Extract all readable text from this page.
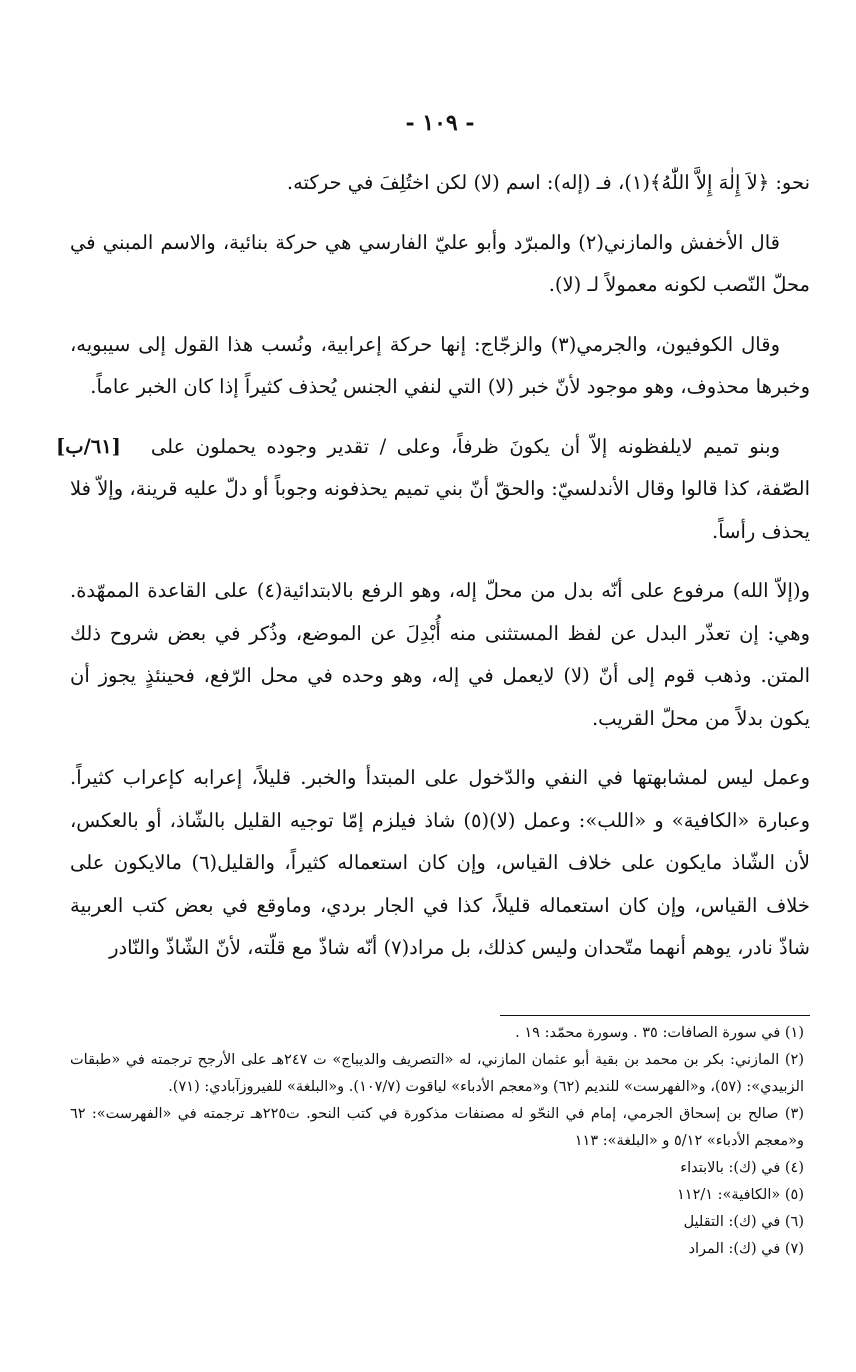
- ١٠٩ -

نحو: ﴿لاَ إِلٰهَ إِلاَّ اللّٰهُ﴾(١)، فـ (إله): اسم (لا) لكن اختُلِفَ في حركته.

قال الأخفش والمازني(٢) والمبرّد وأبو عليّ الفارسي هي حركة بنائية، والاسم المبني في محلّ النّصب لكونه معمولاً لـ (لا).

وقال الكوفيون، والجرمي(٣) والزجّاج: إنها حركة إعرابية، ونُسب هذا القول إلى سيبويه، وخبرها محذوف، وهو موجود لأنّ خبر (لا) التي لنفي الجنس يُحذف كثيراً إذا كان الخبر عاماً.

[٦١/ب]	وبنو تميم لايلفظونه إلاّ أن يكونَ ظرفاً، وعلى / تقدير وجوده يحملون على الصّفة، كذا قالوا وقال الأندلسيّ: والحقّ أنّ بني تميم يحذفونه وجوباً أو دلّ عليه قرينة، وإلاّ فلا يحذف رأساً.

و(إلاّ الله) مرفوع على أنّه بدل من محلّ إله، وهو الرفع بالابتدائية(٤) على القاعدة الممهّدة. وهي: إن تعذّر البدل عن لفظ المستثنى منه أُبْدِلَ عن الموضع، وذُكر في بعض شروح ذلك المتن. وذهب قوم إلى أنّ (لا) لايعمل في إله، وهو وحده في محل الرّفع، فحينئذٍ يجوز أن يكون بدلاً من محلّ القريب.

وعمل ليس لمشابهتها في النفي والدّخول على المبتدأ والخبر. قليلاً، إعرابه كإعراب كثيراً. وعبارة «الكافية» و «اللب»: وعمل (لا)(٥) شاذ فيلزم إمّا توجيه القليل بالشّاذ، أو بالعكس، لأن الشّاذ مايكون على خلاف القياس، وإن كان استعماله كثيراً، والقليل(٦) مالايكون على خلاف القياس، وإن كان استعماله قليلاً، كذا في الجار بردي، وماوقع في بعض كتب العربية شاذّ نادر، يوهم أنهما متّحدان وليس كذلك، بل مراد(٧) أنّه شاذّ مع قلّته، لأنّ الشّاذّ والنّادر

(١) في سورة الصافات: ٣٥ . وسورة محمّد: ١٩ .

(٢) المازني: بكر بن محمد بن بقية أبو عثمان المازني، له «التصريف والديباج» ت ٢٤٧هـ على الأرجح ترجمته في «طبقات الزبيدي»: (٥٧)، و«الفهرست» للنديم (٦٢) و«معجم الأدباء» لياقوت (١٠٧/٧). و«البلغة» للفيروزآبادي: (٧١).

(٣) صالح بن إسحاق الجرمي، إمام في النحّو له مصنفات مذكورة في كتب النحو. ت٢٢٥هـ ترجمته في «الفهرست»: ٦٢ و«معجم الأدباء» ٥/١٢ و «البلغة»: ١١٣

(٤) في (ك): بالابتداء

(٥) «الكافية»: ١١٢/١

(٦) في (ك): التقليل

(٧) في (ك): المراد
